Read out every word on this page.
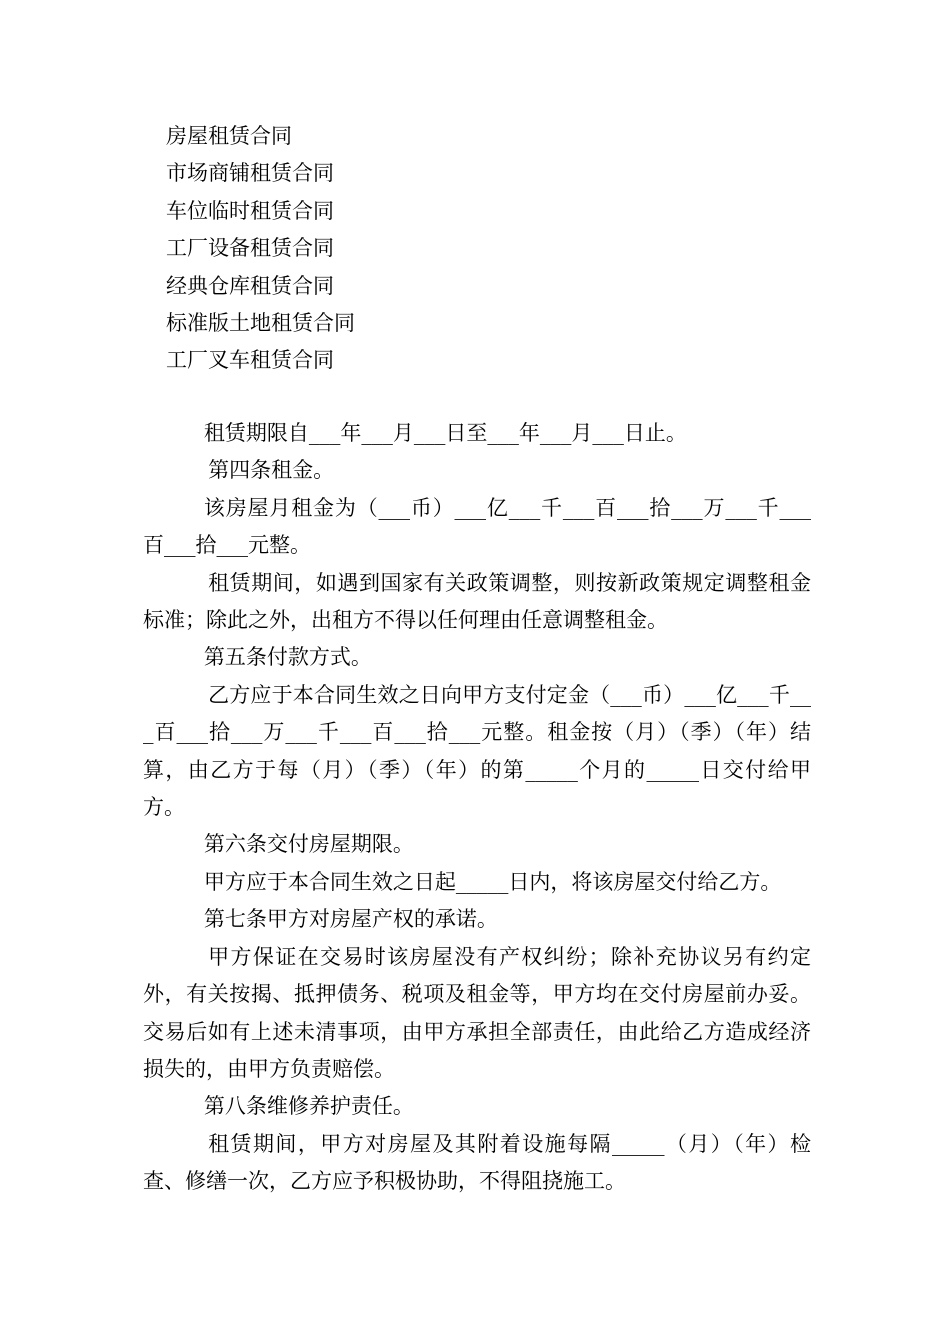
房屋租赁合同
市场商铺租赁合同
车位临时租赁合同
工厂设备租赁合同
经典仓库租赁合同
标准版土地租赁合同
工厂叉车租赁合同

租赁期限自___年___月___日至___年___月___日止。

第四条租金。

该房屋月租金为（___币）___亿___千___百___拾___万___千___百___拾___元整。

租赁期间，如遇到国家有关政策调整，则按新政策规定调整租金标准；除此之外，出租方不得以任何理由任意调整租金。

第五条付款方式。

乙方应于本合同生效之日向甲方支付定金（___币）___亿___千___百___拾___万___千___百___拾___元整。租金按（月）（季）（年）结算，由乙方于每（月）（季）（年）的第_____个月的_____日交付给甲方。

第六条交付房屋期限。

甲方应于本合同生效之日起_____日内，将该房屋交付给乙方。

第七条甲方对房屋产权的承诺。

甲方保证在交易时该房屋没有产权纠纷；除补充协议另有约定外，有关按揭、抵押债务、税项及租金等，甲方均在交付房屋前办妥。交易后如有上述未清事项，由甲方承担全部责任，由此给乙方造成经济损失的，由甲方负责赔偿。

第八条维修养护责任。

租赁期间，甲方对房屋及其附着设施每隔_____（月）（年）检查、修缮一次，乙方应予积极协助，不得阻挠施工。
